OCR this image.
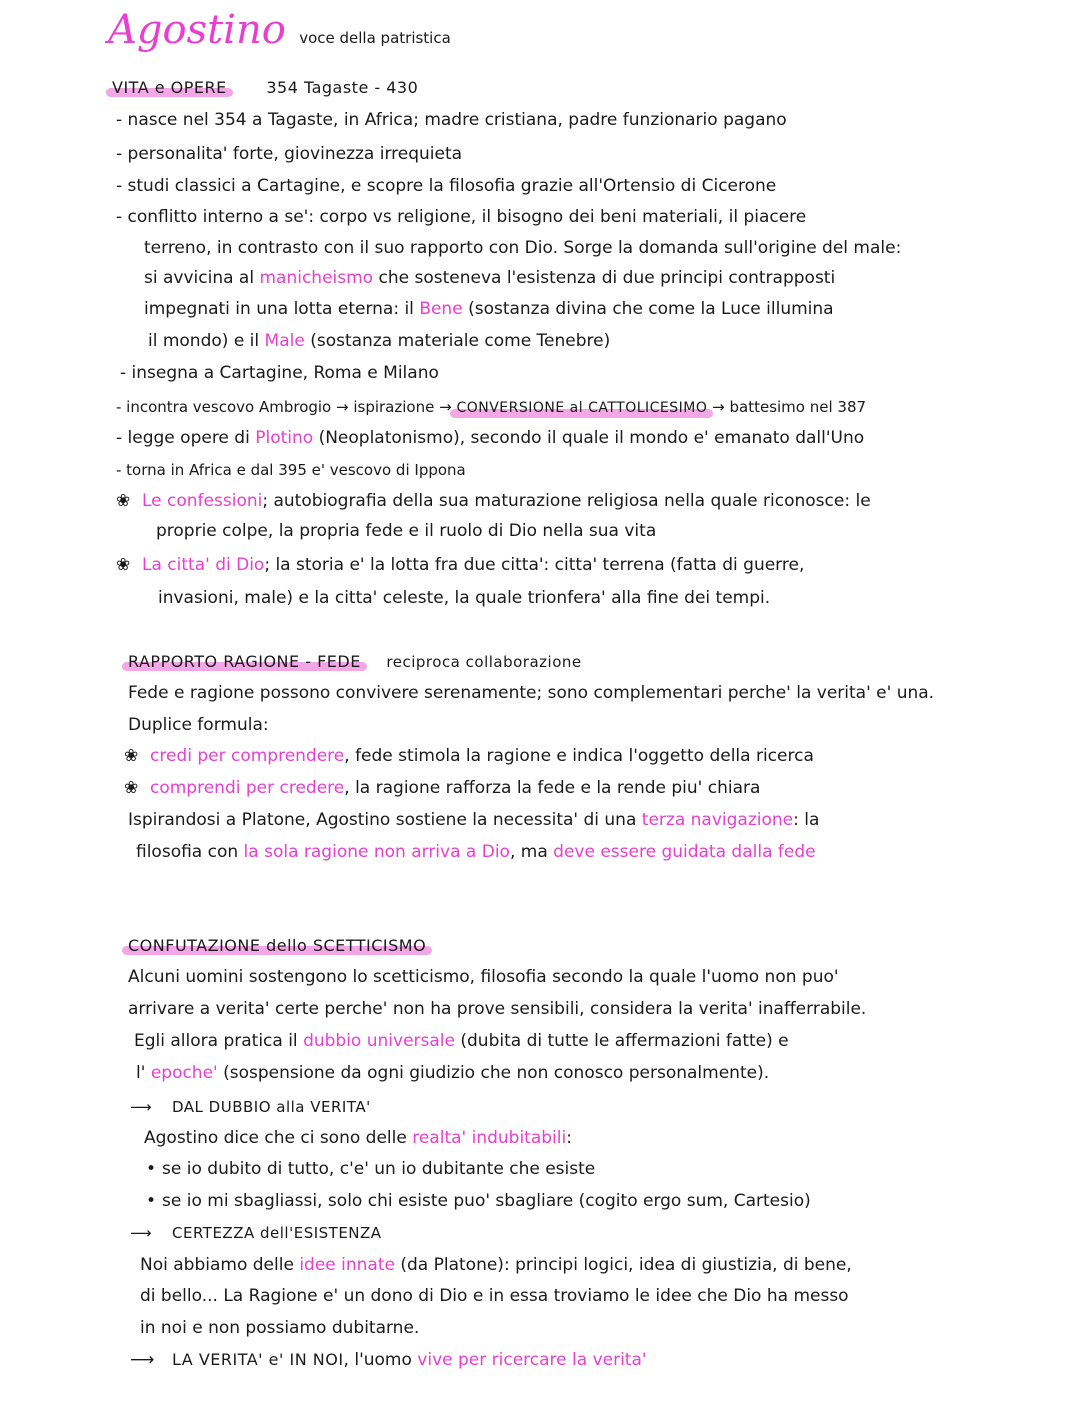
Agostino voce della patristica
VITA e OPERE 354 Tagaste - 430
- nasce nel 354 a Tagaste, in Africa; madre cristiana, padre funzionario pagano
- personalita' forte, giovinezza irrequieta
- studi classici a Cartagine, e scopre la filosofia grazie all'Ortensio di Cicerone
- conflitto interno a se': corpo vs religione, il bisogno dei beni materiali, il piacere
terreno, in contrasto con il suo rapporto con Dio. Sorge la domanda sull'origine del male:
si avvicina al manicheismo che sosteneva l'esistenza di due principi contrapposti
impegnati in una lotta eterna: il Bene (sostanza divina che come la Luce illumina
il mondo) e il Male (sostanza materiale come Tenebre)
- insegna a Cartagine, Roma e Milano
- incontra vescovo Ambrogio → ispirazione → CONVERSIONE al CATTOLICESIMO → battesimo nel 387
- legge opere di Plotino (Neoplatonismo), secondo il quale il mondo e' emanato dall'Uno
- torna in Africa e dal 395 e' vescovo di Ippona
❀ Le confessioni; autobiografia della sua maturazione religiosa nella quale riconosce: le
proprie colpe, la propria fede e il ruolo di Dio nella sua vita
❀ La citta' di Dio; la storia e' la lotta fra due citta': citta' terrena (fatta di guerre,
invasioni, male) e la citta' celeste, la quale trionfera' alla fine dei tempi.
RAPPORTO RAGIONE - FEDE reciproca collaborazione
Fede e ragione possono convivere serenamente; sono complementari perche' la verita' e' una.
Duplice formula:
❀ credi per comprendere, fede stimola la ragione e indica l'oggetto della ricerca
❀ comprendi per credere, la ragione rafforza la fede e la rende piu' chiara
Ispirandosi a Platone, Agostino sostiene la necessita' di una terza navigazione: la
filosofia con la sola ragione non arriva a Dio, ma deve essere guidata dalla fede
CONFUTAZIONE dello SCETTICISMO
Alcuni uomini sostengono lo scetticismo, filosofia secondo la quale l'uomo non puo'
arrivare a verita' certe perche' non ha prove sensibili, considera la verita' inafferrabile.
Egli allora pratica il dubbio universale (dubita di tutte le affermazioni fatte) e
l' epoche' (sospensione da ogni giudizio che non conosco personalmente).
⟶ DAL DUBBIO alla VERITA'
Agostino dice che ci sono delle realta' indubitabili:
• se io dubito di tutto, c'e' un io dubitante che esiste
• se io mi sbagliassi, solo chi esiste puo' sbagliare (cogito ergo sum, Cartesio)
⟶ CERTEZZA dell'ESISTENZA
Noi abbiamo delle idee innate (da Platone): principi logici, idea di giustizia, di bene,
di bello... La Ragione e' un dono di Dio e in essa troviamo le idee che Dio ha messo
in noi e non possiamo dubitarne.
⟶ LA VERITA' e' IN NOI, l'uomo vive per ricercare la verita'
